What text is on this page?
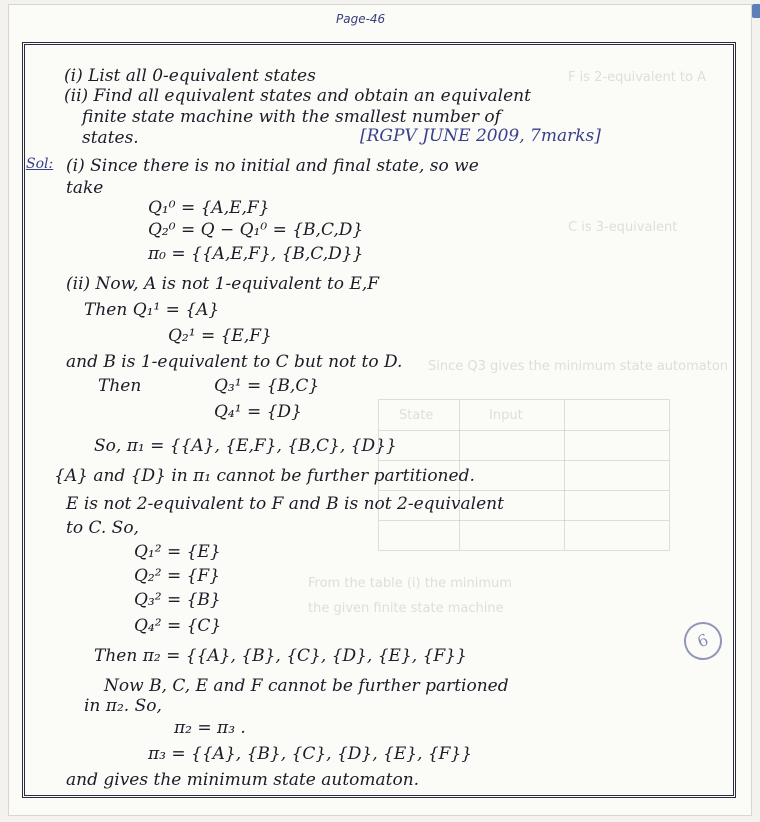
Page-46
F is 2-equivalent to A
C is 3-equivalent
Since Q3 gives the minimum state automaton
State	Input
From the table (i) the minimum
the given finite state machine
6
(i) List all 0-equivalent states
(ii) Find all equivalent states and obtain an equivalent
finite state machine with the smallest number of
states.	[RGPV JUNE 2009, 7marks]
Sol: (i) Since there is no initial and final state, so we
take
Q₁⁰ = {A,E,F}
Q₂⁰ = Q − Q₁⁰ = {B,C,D}
π₀ = {{A,E,F}, {B,C,D}}
(ii) Now, A is not 1-equivalent to E,F
Then Q₁¹ = {A}
Q₂¹ = {E,F}
and B is 1-equivalent to C but not to D.
Then	Q₃¹ = {B,C}
Q₄¹ = {D}
So, π₁ = {{A}, {E,F}, {B,C}, {D}}
{A} and {D} in π₁ cannot be further partitioned.
E is not 2-equivalent to F and B is not 2-equivalent
to C. So,
Q₁² = {E}
Q₂² = {F}
Q₃² = {B}
Q₄² = {C}
Then π₂ = {{A}, {B}, {C}, {D}, {E}, {F}}
Now B, C, E and F cannot be further partioned
in π₂. So,
π₂ = π₃ .
π₃ = {{A}, {B}, {C}, {D}, {E}, {F}}
and gives the minimum state automaton.
